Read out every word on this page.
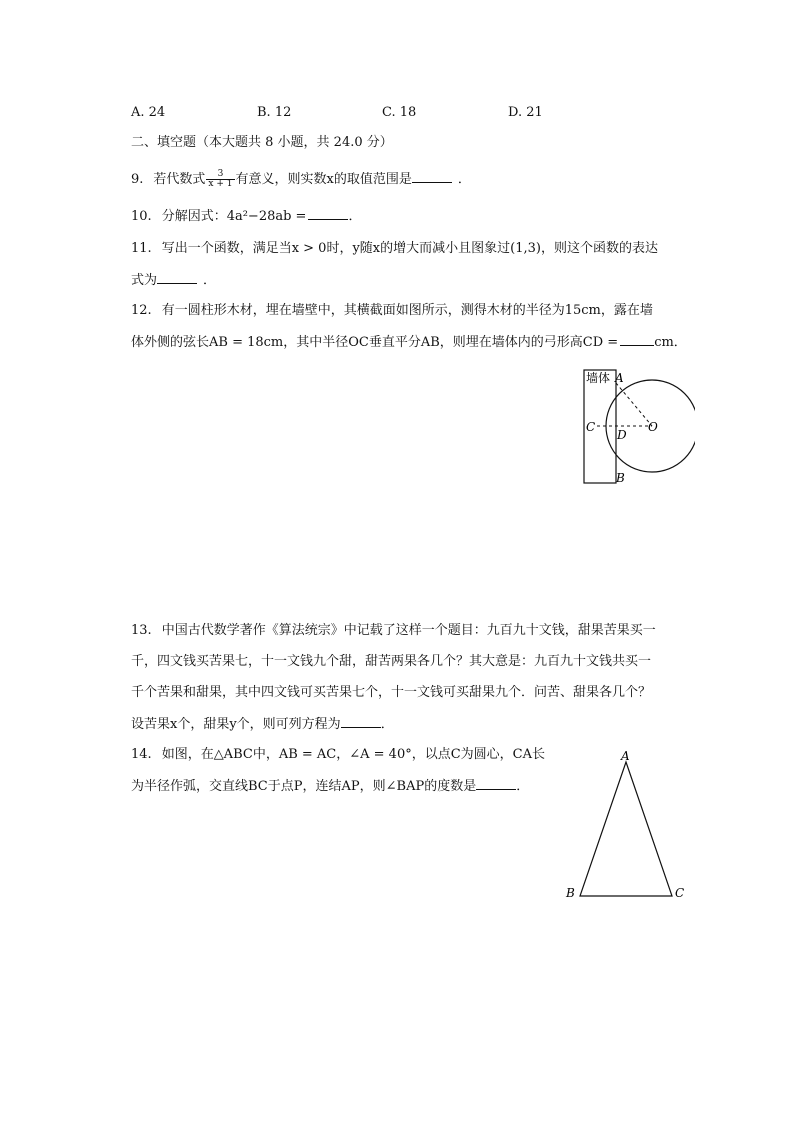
A. 24	B. 12	C. 18	D. 21
二、填空题（本大题共 8 小题，共 24.0 分）
9. 若代数式 $\frac{3}{x + 1}$ 有意义，则实数x的取值范围是	．
10. 分解因式：4a²−28ab =	．
11. 写出一个函数，满足当x > 0时，y随x的增大而减小且图象过(1,3)，则这个函数的表达
式为	．
12. 有一圆柱形木材，埋在墙壁中，其横截面如图所示，测得木材的半径为15cm，露在墙
体外侧的弦长AB = 18cm，其中半径OC垂直平分AB，则埋在墙体内的弓形高CD =	cm．
墙体 A
B
C
D
O
13. 中国古代数学著作《算法统宗》中记载了这样一个题目：九百九十文钱，甜果苦果买一
千，四文钱买苦果七，十一文钱九个甜，甜苦两果各几个？其大意是：九百九十文钱共买一
千个苦果和甜果，其中四文钱可买苦果七个，十一文钱可买甜果九个．问苦、甜果各几个？
设苦果x个，甜果y个，则可列方程为	．
14. 如图，在△ABC中，AB = AC，∠A = 40°，以点C为圆心，CA长
为半径作弧，交直线BC于点P，连结AP，则∠BAP的度数是	．
A
B	C
